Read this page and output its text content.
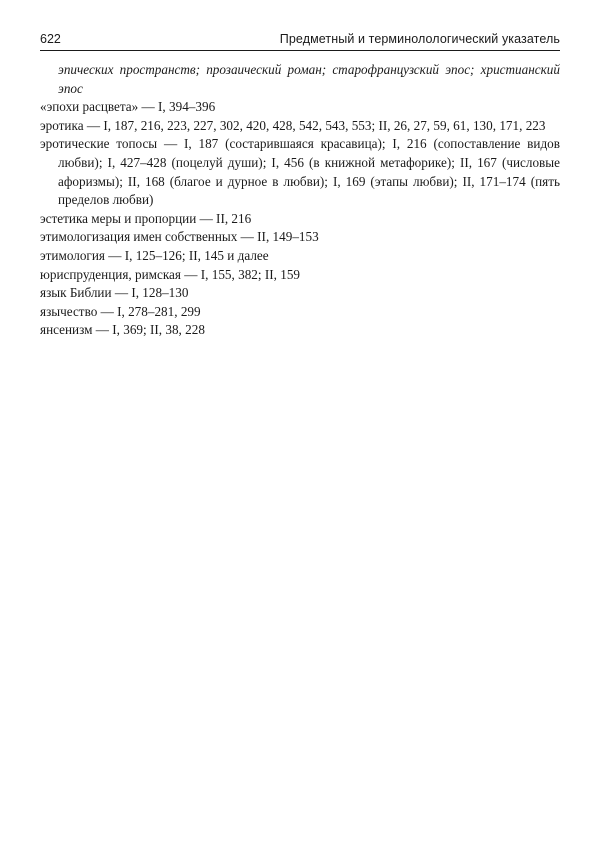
622	Предметный и терминолологический указатель
эпических пространств; прозаический роман; старофранцузский эпос; христианский эпос
«эпохи расцвета» — I, 394–396
эротика — I, 187, 216, 223, 227, 302, 420, 428, 542, 543, 553; II, 26, 27, 59, 61, 130, 171, 223
эротические топосы — I, 187 (состарившаяся красавица); I, 216 (сопоставление видов любви); I, 427–428 (поцелуй души); I, 456 (в книжной метафорике); II, 167 (числовые афоризмы); II, 168 (благое и дурное в любви); I, 169 (этапы любви); II, 171–174 (пять пределов любви)
эстетика меры и пропорции — II, 216
этимологизация имен собственных — II, 149–153
этимология — I, 125–126; II, 145 и далее
юриспруденция, римская — I, 155, 382; II, 159
язык Библии — I, 128–130
язычество — I, 278–281, 299
янсенизм — I, 369; II, 38, 228
